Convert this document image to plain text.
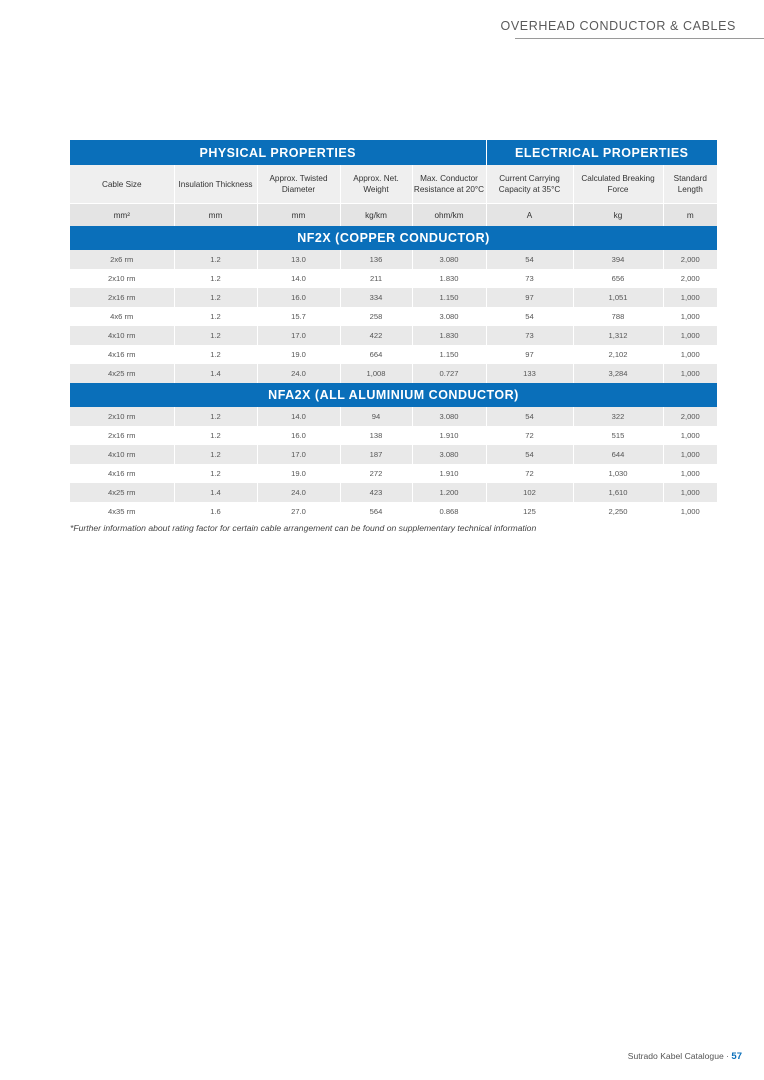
OVERHEAD CONDUCTOR & CABLES
PHYSICAL PROPERTIES					ELECTRICAL PROPERTIES		
Cable Size	Insulation Thickness	Approx. Twisted Diameter	Approx. Net. Weight	Max. Conductor Resistance at 20°C	Current Carrying Capacity at 35°C	Calculated Breaking Force	Standard Length
mm²	mm	mm	kg/km	ohm/km	A	kg	m
NF2X (COPPER CONDUCTOR)							
2x6 rm	1.2	13.0	136	3.080	54	394	2,000
2x10 rm	1.2	14.0	211	1.830	73	656	2,000
2x16 rm	1.2	16.0	334	1.150	97	1,051	1,000
4x6 rm	1.2	15.7	258	3.080	54	788	1,000
4x10 rm	1.2	17.0	422	1.830	73	1,312	1,000
4x16 rm	1.2	19.0	664	1.150	97	2,102	1,000
4x25 rm	1.4	24.0	1,008	0.727	133	3,284	1,000
NFA2X (ALL ALUMINIUM CONDUCTOR)							
2x10 rm	1.2	14.0	94	3.080	54	322	2,000
2x16 rm	1.2	16.0	138	1.910	72	515	1,000
4x10 rm	1.2	17.0	187	3.080	54	644	1,000
4x16 rm	1.2	19.0	272	1.910	72	1,030	1,000
4x25 rm	1.4	24.0	423	1.200	102	1,610	1,000
4x35 rm	1.6	27.0	564	0.868	125	2,250	1,000
*Further information about rating factor for certain cable arrangement can be found on supplementary technical information
Sutrado Kabel Catalogue · 57
